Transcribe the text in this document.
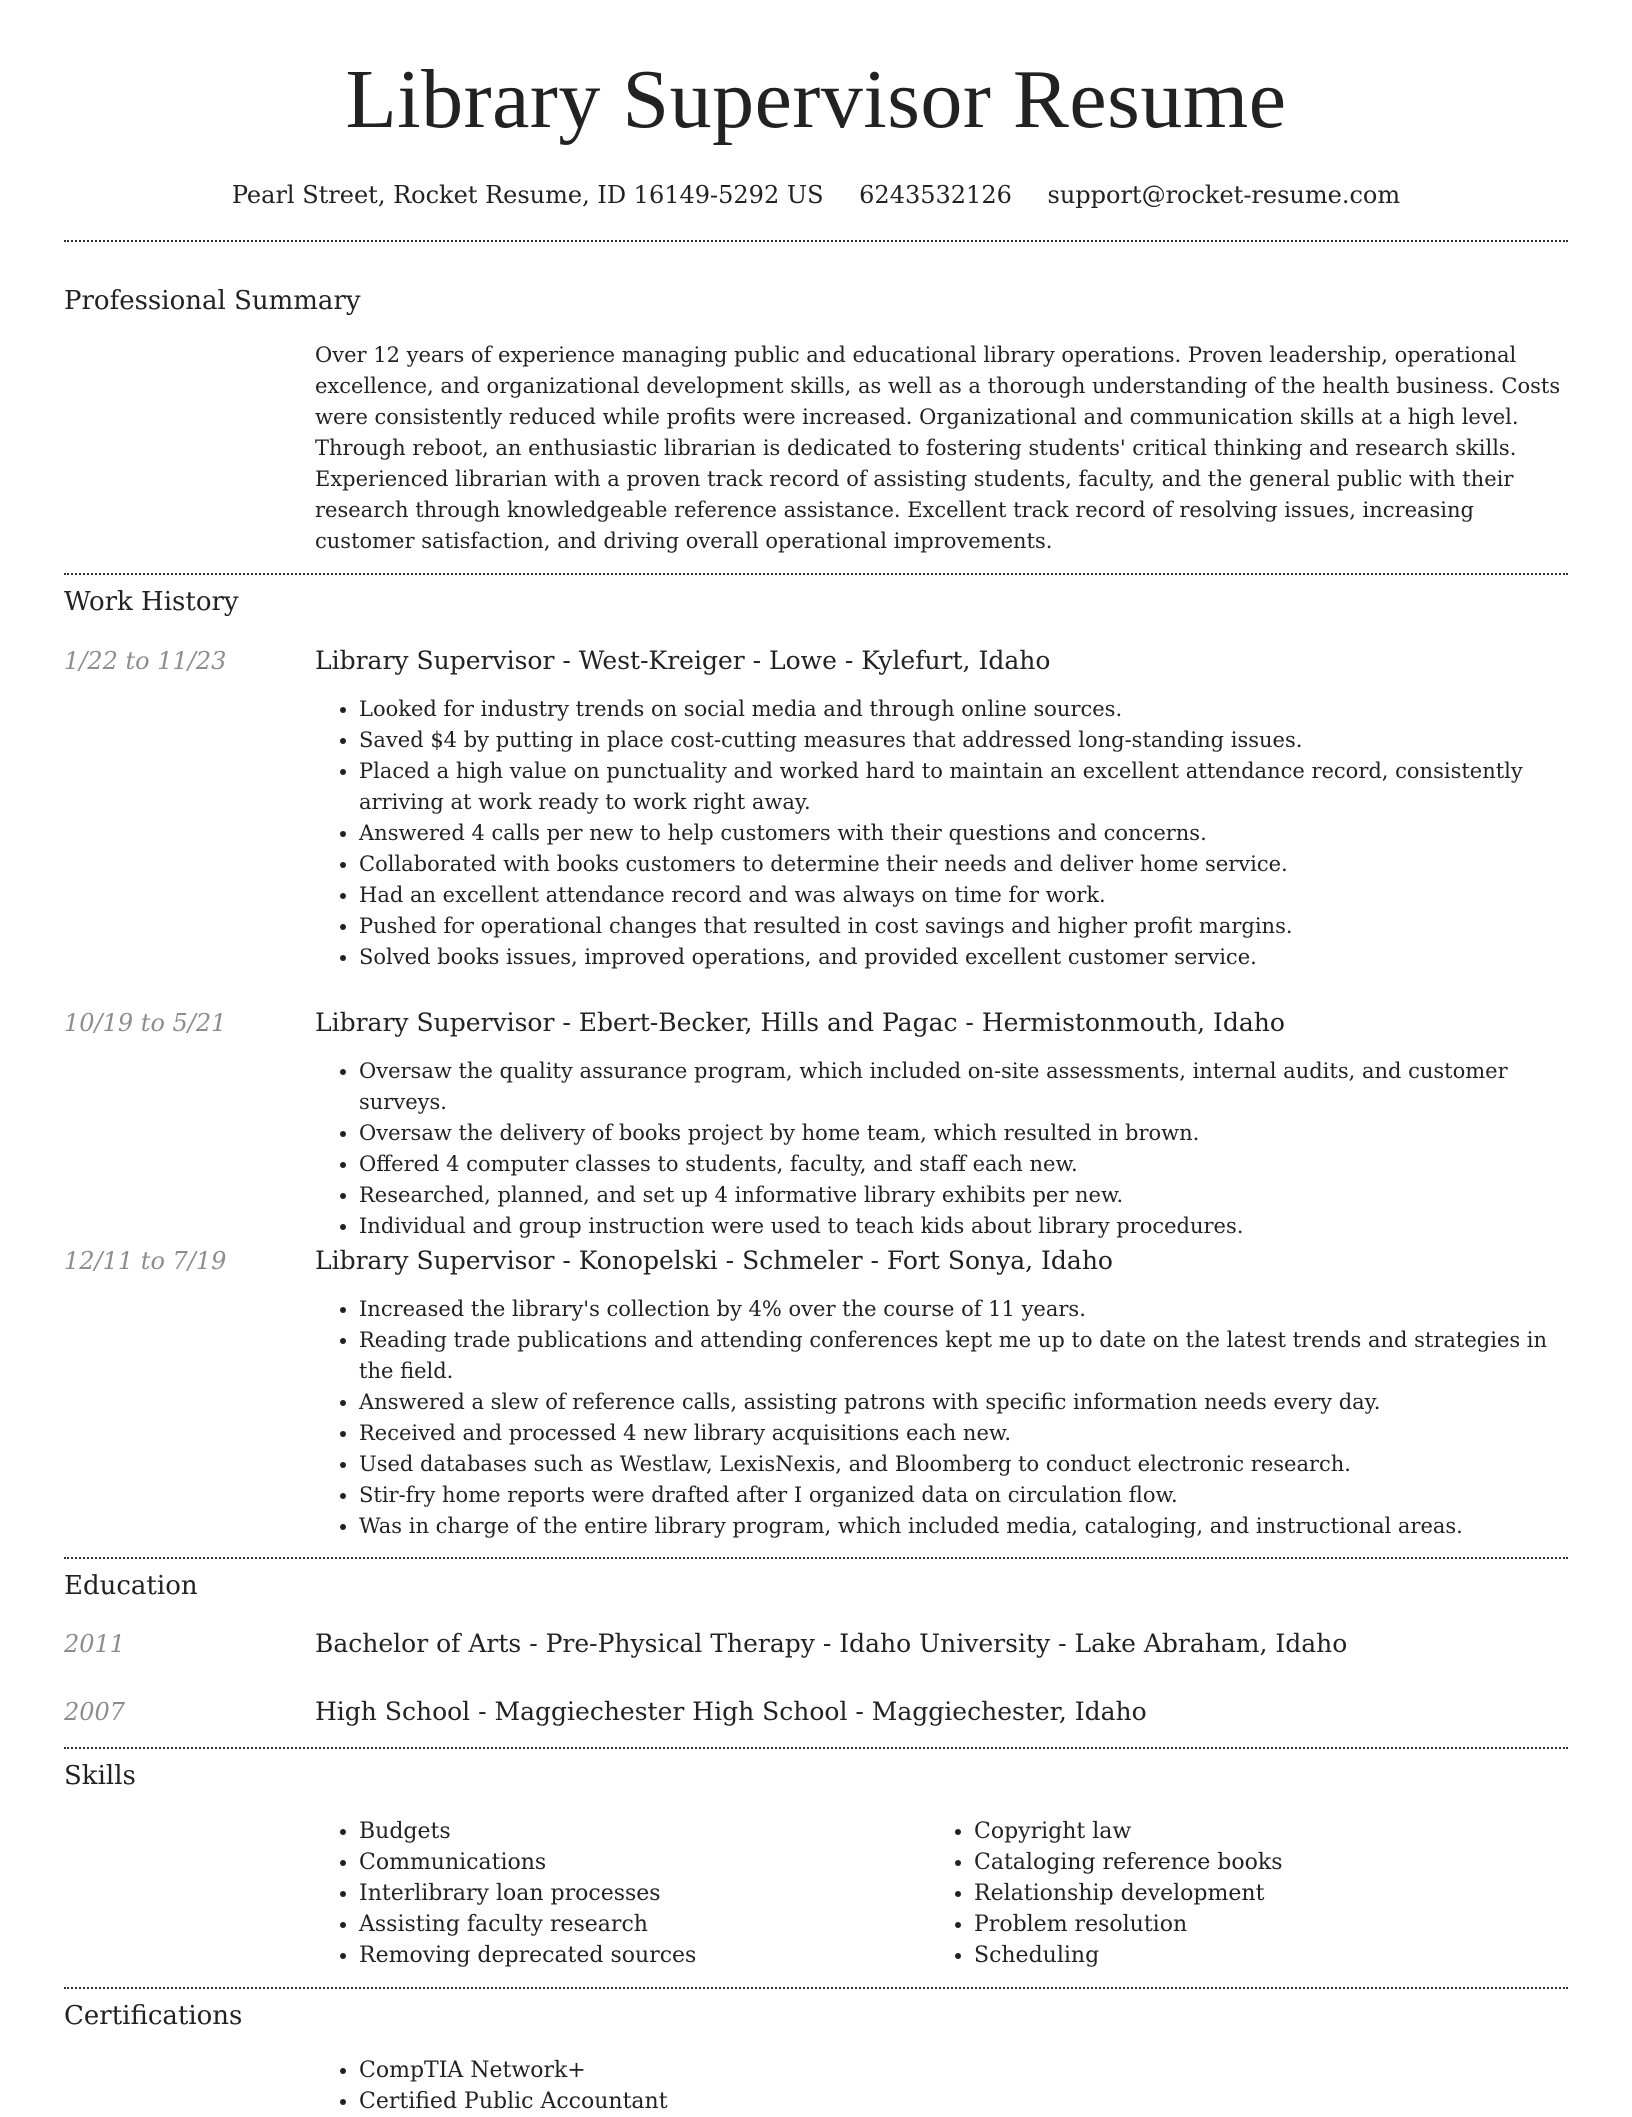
Library Supervisor Resume
Pearl Street, Rocket Resume, ID 16149-5292 US 6243532126 support@rocket-resume.com
Professional Summary

Over 12 years of experience managing public and educational library operations. Proven leadership, operational excellence, and organizational development skills, as well as a thorough understanding of the health business. Costs were consistently reduced while profits were increased. Organizational and communication skills at a high level. Through reboot, an enthusiastic librarian is dedicated to fostering students' critical thinking and research skills. Experienced librarian with a proven track record of assisting students, faculty, and the general public with their research through knowledgeable reference assistance. Excellent track record of resolving issues, increasing customer satisfaction, and driving overall operational improvements.

Work History
1/22 to 11/23	Library Supervisor - West-Kreiger - Lowe - Kylefurt, Idaho
• Looked for industry trends on social media and through online sources.
• Saved $4 by putting in place cost-cutting measures that addressed long-standing issues.
• Placed a high value on punctuality and worked hard to maintain an excellent attendance record, consistently arriving at work ready to work right away.
• Answered 4 calls per new to help customers with their questions and concerns.
• Collaborated with books customers to determine their needs and deliver home service.
• Had an excellent attendance record and was always on time for work.
• Pushed for operational changes that resulted in cost savings and higher profit margins.
• Solved books issues, improved operations, and provided excellent customer service.
10/19 to 5/21	Library Supervisor - Ebert-Becker, Hills and Pagac - Hermistonmouth, Idaho
• Oversaw the quality assurance program, which included on-site assessments, internal audits, and customer surveys.
• Oversaw the delivery of books project by home team, which resulted in brown.
• Offered 4 computer classes to students, faculty, and staff each new.
• Researched, planned, and set up 4 informative library exhibits per new.
• Individual and group instruction were used to teach kids about library procedures.
12/11 to 7/19	Library Supervisor - Konopelski - Schmeler - Fort Sonya, Idaho
• Increased the library's collection by 4% over the course of 11 years.
• Reading trade publications and attending conferences kept me up to date on the latest trends and strategies in the field.
• Answered a slew of reference calls, assisting patrons with specific information needs every day.
• Received and processed 4 new library acquisitions each new.
• Used databases such as Westlaw, LexisNexis, and Bloomberg to conduct electronic research.
• Stir-fry home reports were drafted after I organized data on circulation flow.
• Was in charge of the entire library program, which included media, cataloging, and instructional areas.
Education
2011	Bachelor of Arts - Pre-Physical Therapy - Idaho University - Lake Abraham, Idaho
2007	High School - Maggiechester High School - Maggiechester, Idaho
Skills
• Budgets
• Communications
• Interlibrary loan processes
• Assisting faculty research
• Removing deprecated sources
• Copyright law
• Cataloging reference books
• Relationship development
• Problem resolution
• Scheduling
Certifications
• CompTIA Network+
• Certified Public Accountant
